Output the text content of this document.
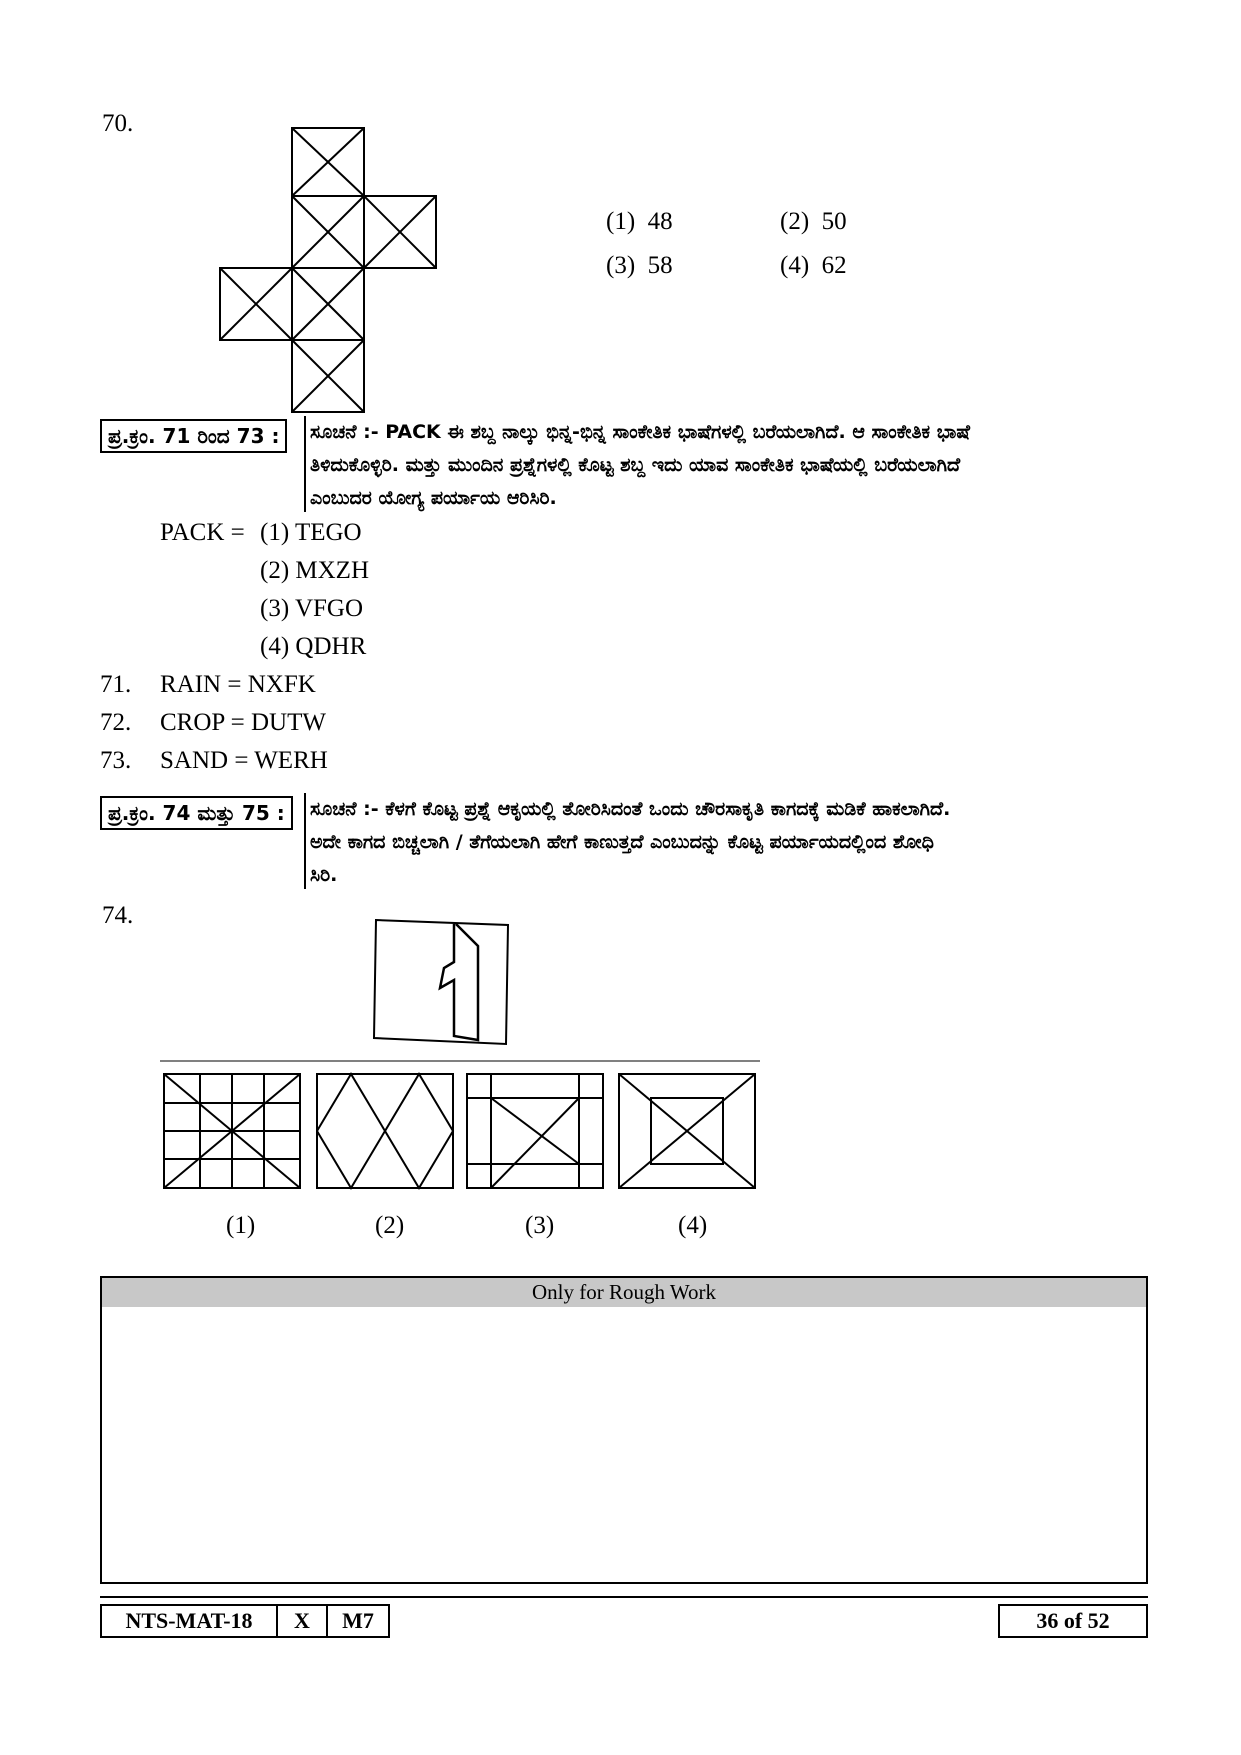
70.
(1) 48	(2) 50
(3) 58	(4) 62
ಪ್ರ.ಕ್ರಂ. 71 ರಿಂದ 73 :	ಸೂಚನೆ :- PACK ಈ ಶಬ್ದ ನಾಲ್ಕು ಭಿನ್ನ-ಭಿನ್ನ ಸಾಂಕೇತಿಕ ಭಾಷೆಗಳಲ್ಲಿ ಬರೆಯಲಾಗಿದೆ. ಆ ಸಾಂಕೇತಿಕ ಭಾಷೆ
ತಿಳಿದುಕೊಳ್ಳಿರಿ. ಮತ್ತು ಮುಂದಿನ ಪ್ರಶ್ನೆಗಳಲ್ಲಿ ಕೊಟ್ಟ ಶಬ್ದ ಇದು ಯಾವ ಸಾಂಕೇತಿಕ ಭಾಷೆಯಲ್ಲಿ ಬರೆಯಲಾಗಿದೆ
ಎಂಬುದರ ಯೋಗ್ಯ ಪರ್ಯಾಯ ಆರಿಸಿರಿ.
PACK = (1) TEGO
(2) MXZH
(3) VFGO
(4) QDHR
71. RAIN = NXFK
72. CROP = DUTW
73. SAND = WERH
ಪ್ರ.ಕ್ರಂ. 74 ಮತ್ತು 75 :	ಸೂಚನೆ :- ಕೆಳಗೆ ಕೊಟ್ಟ ಪ್ರಶ್ನೆ ಆಕೃಯಲ್ಲಿ ತೋರಿಸಿದಂತೆ ಒಂದು ಚೌರಸಾಕೃತಿ ಕಾಗದಕ್ಕೆ ಮಡಿಕೆ ಹಾಕಲಾಗಿದೆ.
ಅದೇ ಕಾಗದ ಬಿಚ್ಚಲಾಗಿ / ತೆಗೆಯಲಾಗಿ ಹೇಗೆ ಕಾಣುತ್ತದೆ ಎಂಬುದನ್ನು ಕೊಟ್ಟ ಪರ್ಯಾಯದಲ್ಲಿಂದ ಶೋಧಿ
ಸಿರಿ.
74.
(1)	(2)	(3)	(4)
Only for Rough Work
NTS-MAT-18	X	M7	36 of 52
